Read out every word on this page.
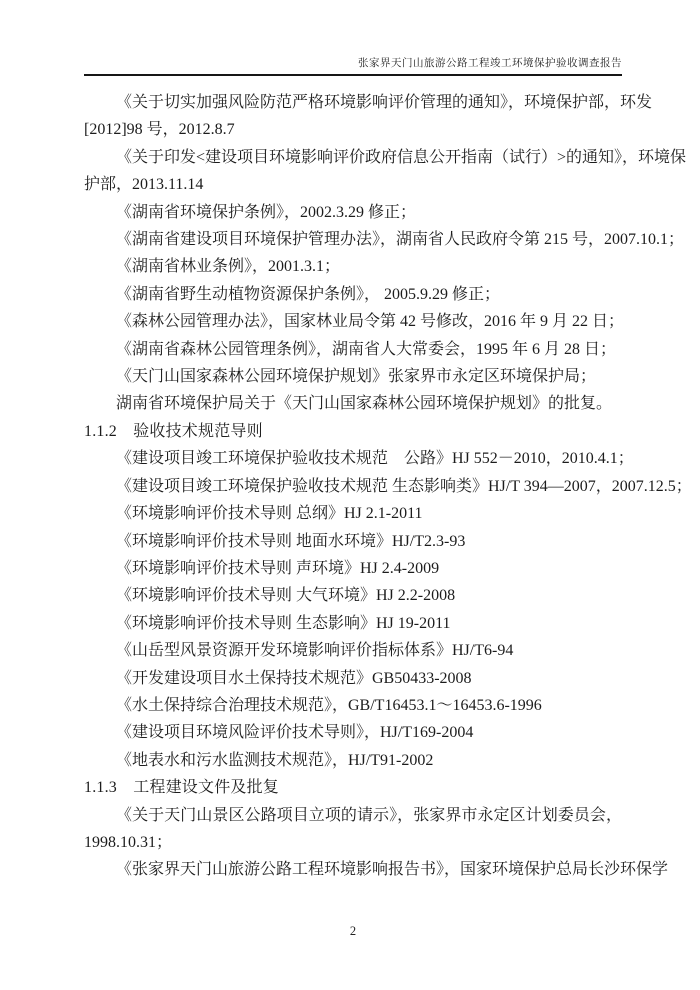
张家界天门山旅游公路工程竣工环境保护验收调查报告
《关于切实加强风险防范严格环境影响评价管理的通知》，环境保护部，环发
[2012]98 号，2012.8.7
《关于印发<建设项目环境影响评价政府信息公开指南（试行）>的通知》，环境保
护部，2013.11.14
《湖南省环境保护条例》，2002.3.29 修正；
《湖南省建设项目环境保护管理办法》，湖南省人民政府令第 215 号，2007.10.1；
《湖南省林业条例》，2001.3.1；
《湖南省野生动植物资源保护条例》， 2005.9.29 修正；
《森林公园管理办法》，国家林业局令第 42 号修改，2016 年 9 月 22 日；
《湖南省森林公园管理条例》，湖南省人大常委会，1995 年 6 月 28 日；
《天门山国家森林公园环境保护规划》张家界市永定区环境保护局；
湖南省环境保护局关于《天门山国家森林公园环境保护规划》的批复。
1.1.2　验收技术规范导则
《建设项目竣工环境保护验收技术规范　公路》HJ 552－2010，2010.4.1；
《建设项目竣工环境保护验收技术规范 生态影响类》HJ/T 394—2007，2007.12.5；
《环境影响评价技术导则 总纲》HJ 2.1-2011
《环境影响评价技术导则 地面水环境》HJ/T2.3-93
《环境影响评价技术导则 声环境》HJ 2.4-2009
《环境影响评价技术导则 大气环境》HJ 2.2-2008
《环境影响评价技术导则 生态影响》HJ 19-2011
《山岳型风景资源开发环境影响评价指标体系》HJ/T6-94
《开发建设项目水土保持技术规范》GB50433-2008
《水土保持综合治理技术规范》，GB/T16453.1～16453.6-1996
《建设项目环境风险评价技术导则》，HJ/T169-2004
《地表水和污水监测技术规范》，HJ/T91-2002
1.1.3　工程建设文件及批复
《关于天门山景区公路项目立项的请示》，张家界市永定区计划委员会，
1998.10.31；
《张家界天门山旅游公路工程环境影响报告书》，国家环境保护总局长沙环保学
2
